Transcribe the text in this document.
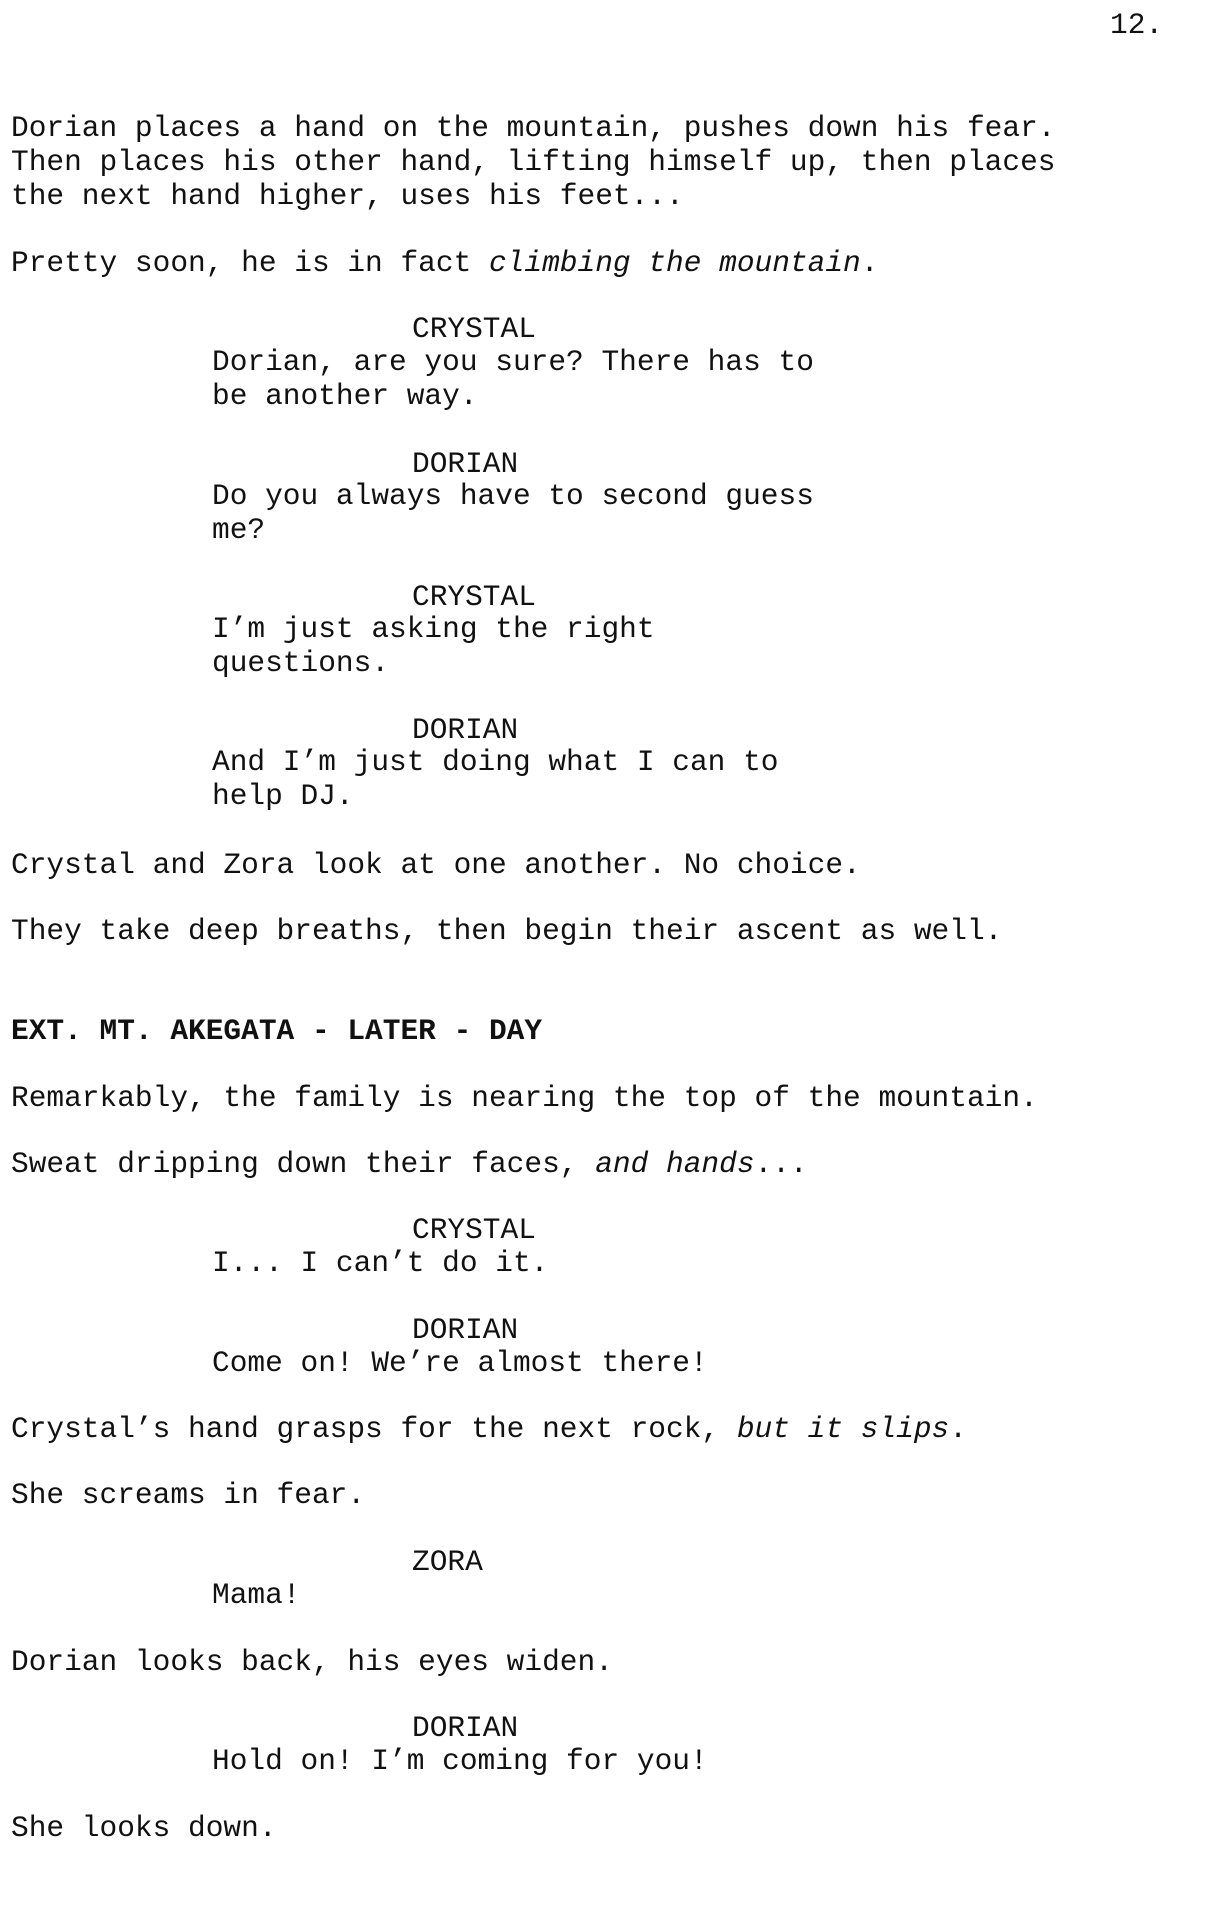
12.
Dorian places a hand on the mountain, pushes down his fear.
Then places his other hand, lifting himself up, then places
the next hand higher, uses his feet...
Pretty soon, he is in fact climbing the mountain.
CRYSTAL
Dorian, are you sure? There has to
be another way.
DORIAN
Do you always have to second guess
me?
CRYSTAL
I’m just asking the right
questions.
DORIAN
And I’m just doing what I can to
help DJ.
Crystal and Zora look at one another. No choice.
They take deep breaths, then begin their ascent as well.
EXT. MT. AKEGATA - LATER - DAY
Remarkably, the family is nearing the top of the mountain.
Sweat dripping down their faces, and hands...
CRYSTAL
I... I can’t do it.
DORIAN
Come on! We’re almost there!
Crystal’s hand grasps for the next rock, but it slips.
She screams in fear.
ZORA
Mama!
Dorian looks back, his eyes widen.
DORIAN
Hold on! I’m coming for you!
She looks down.
